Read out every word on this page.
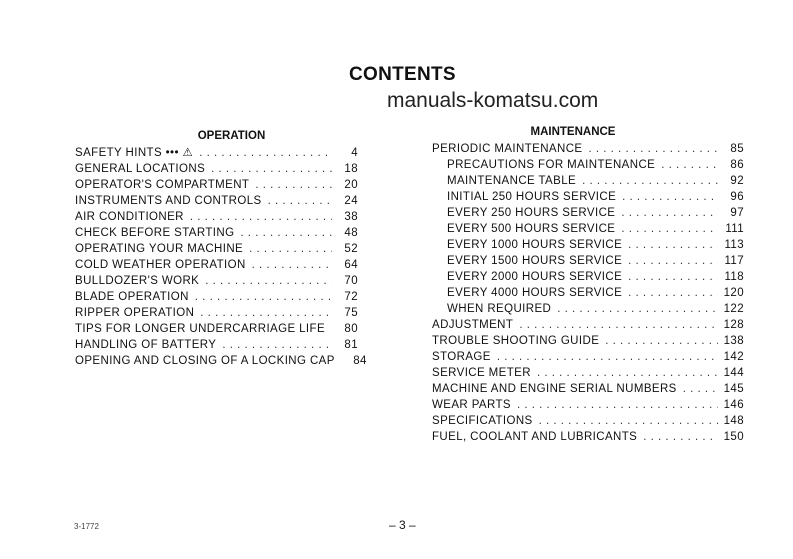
CONTENTS
manuals-komatsu.com
OPERATION
SAFETY HINTS ••• ⚠ . . .	4
GENERAL LOCATIONS . . .	18
OPERATOR'S COMPARTMENT . . .	20
INSTRUMENTS AND CONTROLS . . .	24
AIR CONDITIONER . . .	38
CHECK BEFORE STARTING . . .	48
OPERATING YOUR MACHINE . . .	52
COLD WEATHER OPERATION . . .	64
BULLDOZER'S WORK . . .	70
BLADE OPERATION . . .	72
RIPPER OPERATION . . .	75
TIPS FOR LONGER UNDERCARRIAGE LIFE . . .	80
HANDLING OF BATTERY . . .	81
OPENING AND CLOSING OF A LOCKING CAP	84
MAINTENANCE
PERIODIC MAINTENANCE . . .	85
PRECAUTIONS FOR MAINTENANCE . . .	86
MAINTENANCE TABLE . . .	92
INITIAL 250 HOURS SERVICE . . .	96
EVERY 250 HOURS SERVICE . . .	97
EVERY 500 HOURS SERVICE . . .	111
EVERY 1000 HOURS SERVICE . . .	113
EVERY 1500 HOURS SERVICE . . .	117
EVERY 2000 HOURS SERVICE . . .	118
EVERY 4000 HOURS SERVICE . . .	120
WHEN REQUIRED . . .	122
ADJUSTMENT . . .	128
TROUBLE SHOOTING GUIDE . . .	138
STORAGE . . .	142
SERVICE METER . . .	144
MACHINE AND ENGINE SERIAL NUMBERS . . .	145
WEAR PARTS . . .	146
SPECIFICATIONS . . .	148
FUEL, COOLANT AND LUBRICANTS . . .	150
3-1772	– 3 –
